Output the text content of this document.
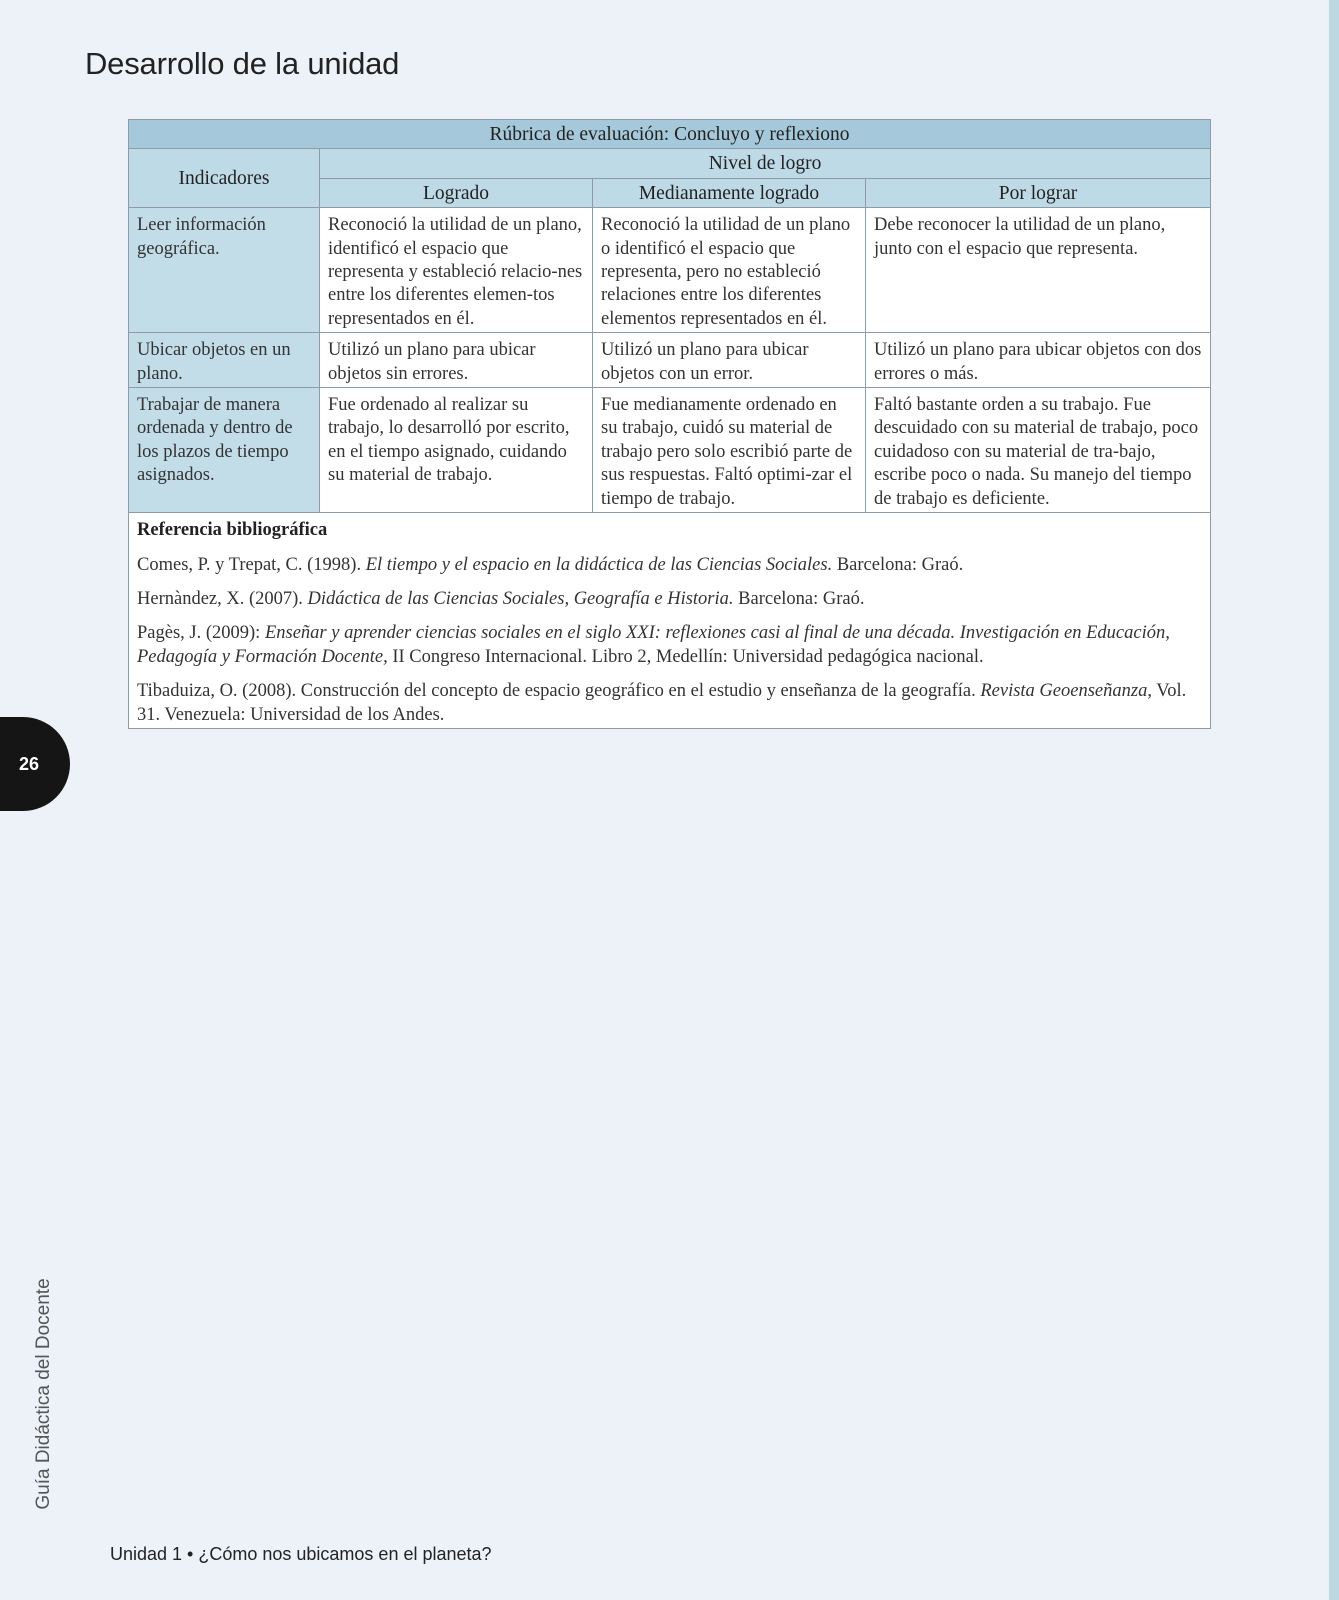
Desarrollo de la unidad
Rúbrica de evaluación: Concluyo y reflexiono			
Indicadores	Nivel de logro		
	Logrado	Medianamente logrado	Por lograr
Leer información geográfica.	Reconoció la utilidad de un plano, identificó el espacio que representa y estableció relacio-nes entre los diferentes elemen-tos representados en él.	Reconoció la utilidad de un plano o identificó el espacio que representa, pero no estableció relaciones entre los diferentes elementos representados en él.	Debe reconocer la utilidad de un plano, junto con el espacio que representa.
Ubicar objetos en un plano.	Utilizó un plano para ubicar objetos sin errores.	Utilizó un plano para ubicar objetos con un error.	Utilizó un plano para ubicar objetos con dos errores o más.
Trabajar de manera ordenada y dentro de los plazos de tiempo asignados.	Fue ordenado al realizar su trabajo, lo desarrolló por escrito, en el tiempo asignado, cuidando su material de trabajo.	Fue medianamente ordenado en su trabajo, cuidó su material de trabajo pero solo escribió parte de sus respuestas. Faltó optimi-zar el tiempo de trabajo.	Faltó bastante orden a su trabajo. Fue descuidado con su material de trabajo, poco cuidadoso con su material de tra-bajo, escribe poco o nada. Su manejo del tiempo de trabajo es deficiente.

Referencia bibliográfica
Comes, P. y Trepat, C. (1998). El tiempo y el espacio en la didáctica de las Ciencias Sociales. Barcelona: Graó.
Hernàndez, X. (2007). Didáctica de las Ciencias Sociales, Geografía e Historia. Barcelona: Graó.
Pagès, J. (2009): Enseñar y aprender ciencias sociales en el siglo XXI: reflexiones casi al final de una década. Investigación en Educación, Pedagogía y Formación Docente, II Congreso Internacional. Libro 2, Medellín: Universidad pedagógica nacional.
Tibaduiza, O. (2008). Construcción del concepto de espacio geográfico en el estudio y enseñanza de la geografía. Revista Geoenseñanza, Vol. 31. Venezuela: Universidad de los Andes.			
26
Guía Didáctica del Docente
Unidad 1 • ¿Cómo nos ubicamos en el planeta?
